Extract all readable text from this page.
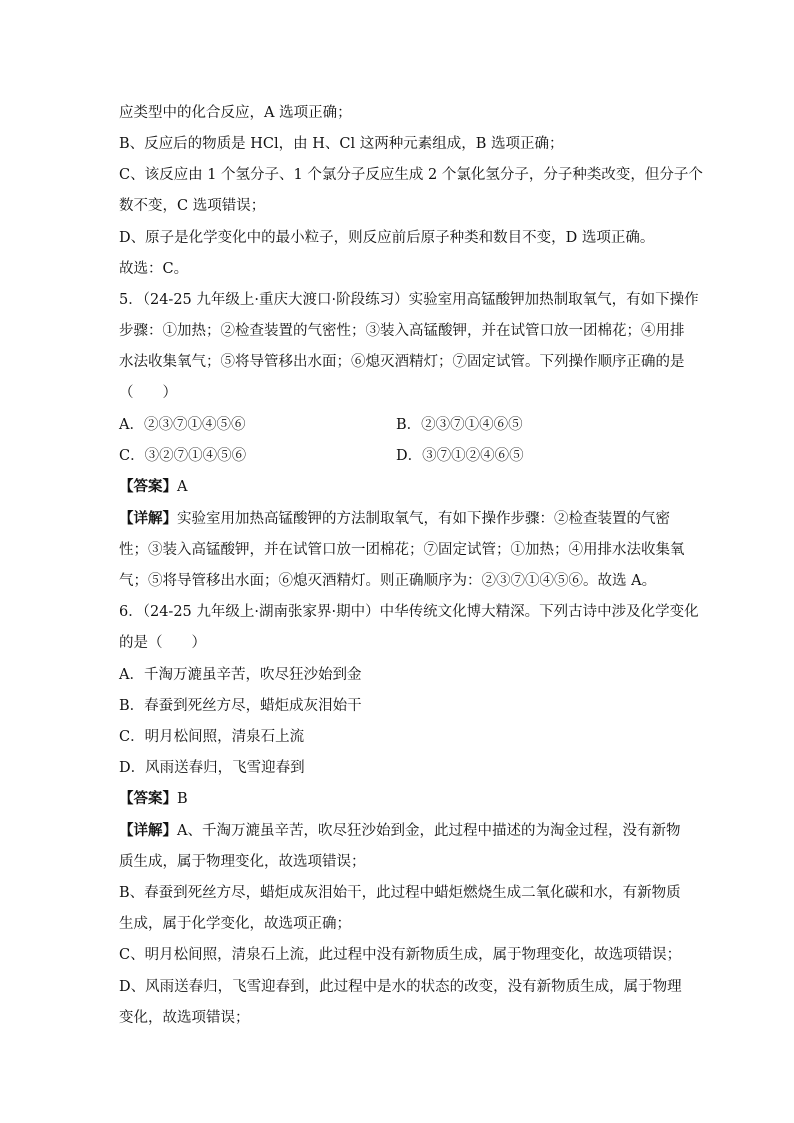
应类型中的化合反应，A 选项正确；
B、反应后的物质是 HCl，由 H、Cl 这两种元素组成，B 选项正确；
C、该反应由 1 个氢分子、1 个氯分子反应生成 2 个氯化氢分子，分子种类改变，但分子个
数不变，C 选项错误；
D、原子是化学变化中的最小粒子，则反应前后原子种类和数目不变，D 选项正确。
故选：C。
5．（24-25 九年级上·重庆大渡口·阶段练习）实验室用高锰酸钾加热制取氧气，有如下操作
步骤：①加热；②检查装置的气密性；③装入高锰酸钾，并在试管口放一团棉花；④用排
水法收集氧气；⑤将导管移出水面；⑥熄灭酒精灯；⑦固定试管。下列操作顺序正确的是
（　　）
A．②③⑦①④⑤⑥	B．②③⑦①④⑥⑤
C．③②⑦①④⑤⑥	D．③⑦①②④⑥⑤
【答案】A
【详解】实验室用加热高锰酸钾的方法制取氧气，有如下操作步骤：②检查装置的气密
性；③装入高锰酸钾，并在试管口放一团棉花；⑦固定试管；①加热；④用排水法收集氧
气；⑤将导管移出水面；⑥熄灭酒精灯。则正确顺序为：②③⑦①④⑤⑥。故选 A。
6．（24-25 九年级上·湖南张家界·期中）中华传统文化博大精深。下列古诗中涉及化学变化
的是（　　）
A．千淘万漉虽辛苦，吹尽狂沙始到金
B．春蚕到死丝方尽，蜡炬成灰泪始干
C．明月松间照，清泉石上流
D．风雨送春归，飞雪迎春到
【答案】B
【详解】A、千淘万漉虽辛苦，吹尽狂沙始到金，此过程中描述的为淘金过程，没有新物
质生成，属于物理变化，故选项错误；
B、春蚕到死丝方尽，蜡炬成灰泪始干，此过程中蜡炬燃烧生成二氧化碳和水，有新物质
生成，属于化学变化，故选项正确；
C、明月松间照，清泉石上流，此过程中没有新物质生成，属于物理变化，故选项错误；
D、风雨送春归，飞雪迎春到，此过程中是水的状态的改变，没有新物质生成，属于物理
变化，故选项错误；
